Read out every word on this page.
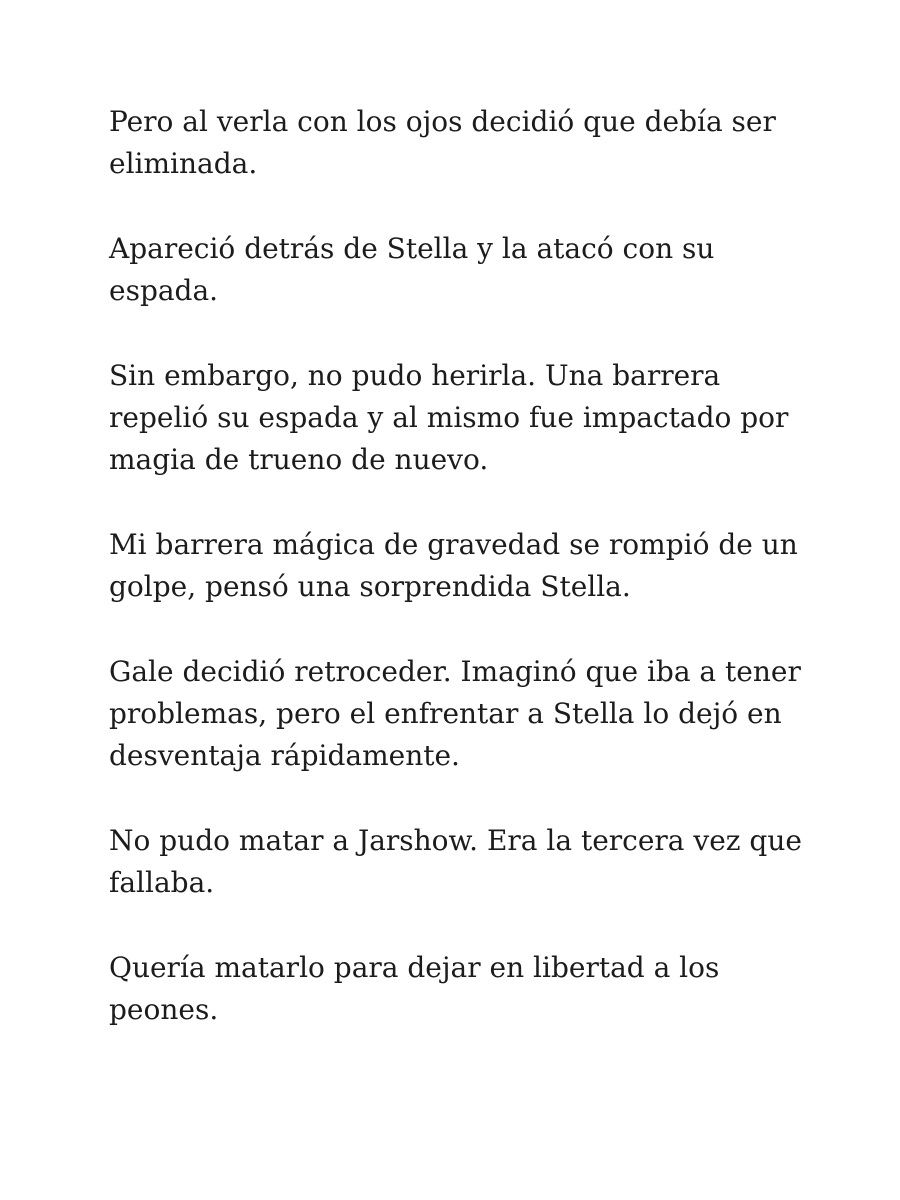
Pero al verla con los ojos decidió que debía ser
eliminada.

Apareció detrás de Stella y la atacó con su
espada.

Sin embargo, no pudo herirla. Una barrera
repelió su espada y al mismo fue impactado por
magia de trueno de nuevo.

Mi barrera mágica de gravedad se rompió de un
golpe, pensó una sorprendida Stella.

Gale decidió retroceder. Imaginó que iba a tener
problemas, pero el enfrentar a Stella lo dejó en
desventaja rápidamente.

No pudo matar a Jarshow. Era la tercera vez que
fallaba.

Quería matarlo para dejar en libertad a los
peones.
